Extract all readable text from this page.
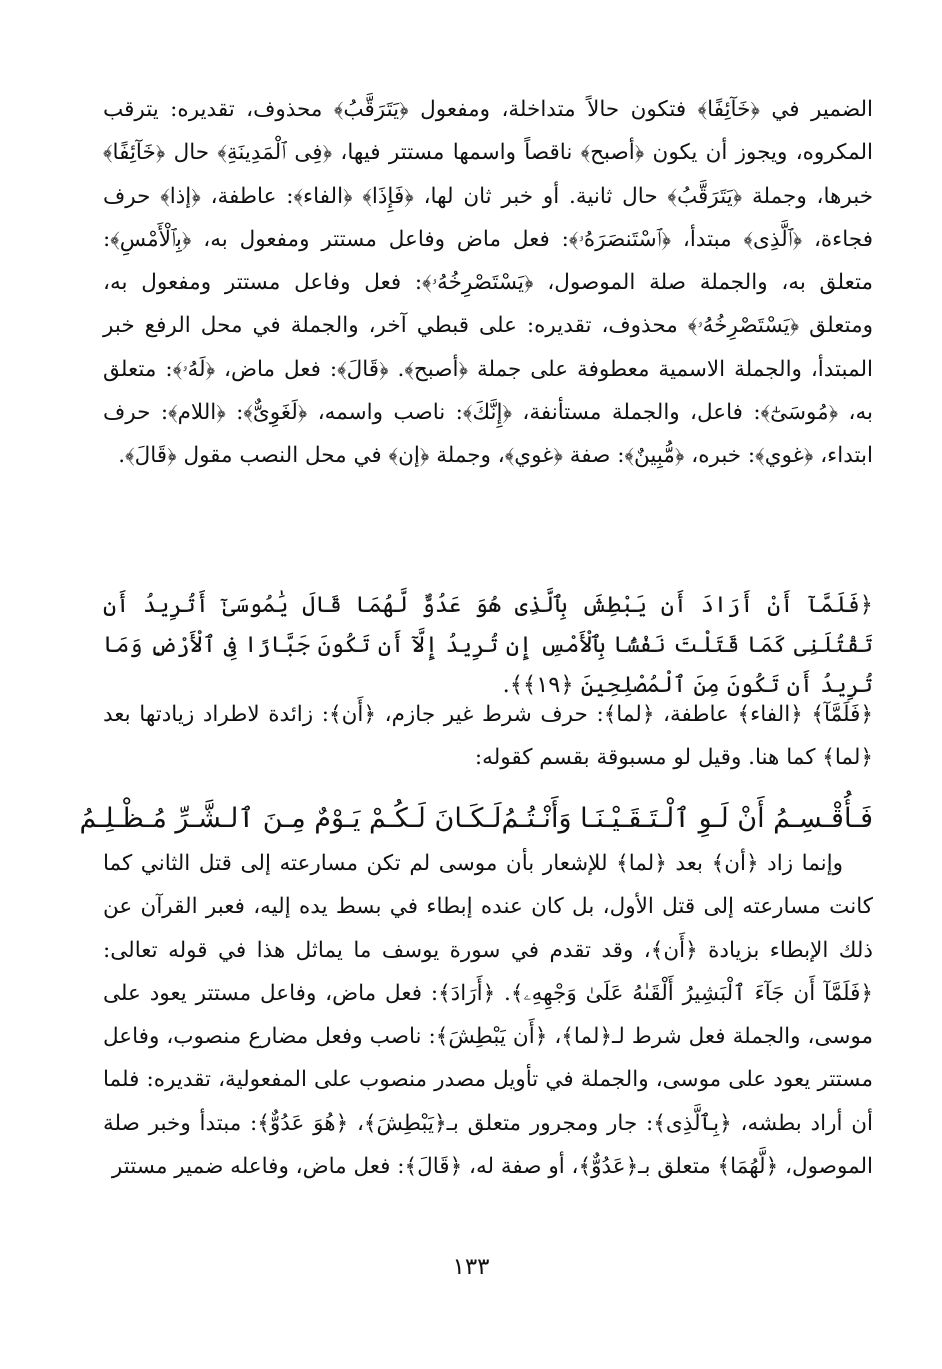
الضمير في ﴿خَآئِفًا﴾ فتكون حالاً متداخلة، ومفعول ﴿يَتَرَقَّبُ﴾ محذوف، تقديره: يترقب المكروه، ويجوز أن يكون ﴿أصبح﴾ ناقصاً واسمها مستتر فيها، ﴿فِى ٱلْمَدِينَةِ﴾ حال ﴿خَآئِفًا﴾ خبرها، وجملة ﴿يَتَرَقَّبُ﴾ حال ثانية. أو خبر ثان لها، ﴿فَإِذَا﴾ ﴿الفاء﴾: عاطفة، ﴿إذا﴾ حرف فجاءة، ﴿ٱلَّذِى﴾ مبتدأ، ﴿ٱسْتَنصَرَهُۥ﴾: فعل ماض وفاعل مستتر ومفعول به، ﴿بِٱلْأَمْسِ﴾: متعلق به، والجملة صلة الموصول، ﴿يَسْتَصْرِخُهُۥ﴾: فعل وفاعل مستتر ومفعول به، ومتعلق ﴿يَسْتَصْرِخُهُۥ﴾ محذوف، تقديره: على قبطي آخر، والجملة في محل الرفع خبر المبتدأ، والجملة الاسمية معطوفة على جملة ﴿أصبح﴾. ﴿قَالَ﴾: فعل ماض، ﴿لَهُۥ﴾: متعلق به، ﴿مُوسَىٰٓ﴾: فاعل، والجملة مستأنفة، ﴿إِنَّكَ﴾: ناصب واسمه، ﴿لَغَوِىٌّ﴾: ﴿اللام﴾: حرف ابتداء، ﴿غوي﴾: خبره، ﴿مُّبِينٌ﴾: صفة ﴿غوي﴾، وجملة ﴿إن﴾ في محل النصب مقول ﴿قَالَ﴾.

﴿فَلَمَّآ أَنْ أَرَادَ أَن يَبْطِشَ بِٱلَّذِى هُوَ عَدُوٌّ لَّهُمَا قَالَ يَٰمُوسَىٰٓ أَتُرِيدُ أَن تَقْتُلَنِى كَمَا قَتَلْتَ نَفْسًۢا بِٱلْأَمْسِ إِن تُرِيدُ إِلَّآ أَن تَكُونَ جَبَّارًا فِى ٱلْأَرْضِ وَمَا تُرِيدُ أَن تَكُونَ مِنَ ٱلْمُصْلِحِينَ ﴿١٩﴾﴾.

﴿فَلَمَّآ﴾ ﴿الفاء﴾ عاطفة، ﴿لما﴾: حرف شرط غير جازم، ﴿أَن﴾: زائدة لاطراد زيادتها بعد ﴿لما﴾ كما هنا. وقيل لو مسبوقة بقسم كقوله:

فَـأُقْـسِـمُ أَنْ لَـوِ ٱلْـتَـقَـيْـنَـا وَأَنْـتُـمُ
لَـكَـانَ لَـكُـمْ يَـوْمٌ مِـنَ ٱلـشَّـرِّ مُـظْـلِـمُ

وإنما زاد ﴿أن﴾ بعد ﴿لما﴾ للإشعار بأن موسى لم تكن مسارعته إلى قتل الثاني كما كانت مسارعته إلى قتل الأول، بل كان عنده إبطاء في بسط يده إليه، فعبر القرآن عن ذلك الإبطاء بزيادة ﴿أَن﴾، وقد تقدم في سورة يوسف ما يماثل هذا في قوله تعالى: ﴿فَلَمَّآ أَن جَآءَ ٱلْبَشِيرُ أَلْقَىٰهُ عَلَىٰ وَجْهِهِۦ﴾. ﴿أَرَادَ﴾: فعل ماض، وفاعل مستتر يعود على موسى، والجملة فعل شرط لـ﴿لما﴾، ﴿أَن يَبْطِشَ﴾: ناصب وفعل مضارع منصوب، وفاعل مستتر يعود على موسى، والجملة في تأويل مصدر منصوب على المفعولية، تقديره: فلما أن أراد بطشه، ﴿بِٱلَّذِى﴾: جار ومجرور متعلق بـ﴿يَبْطِشَ﴾، ﴿هُوَ عَدُوٌّ﴾: مبتدأ وخبر صلة الموصول، ﴿لَّهُمَا﴾ متعلق بـ﴿عَدُوٌّ﴾، أو صفة له، ﴿قَالَ﴾: فعل ماض، وفاعله ضمير مستتر

١٣٣
